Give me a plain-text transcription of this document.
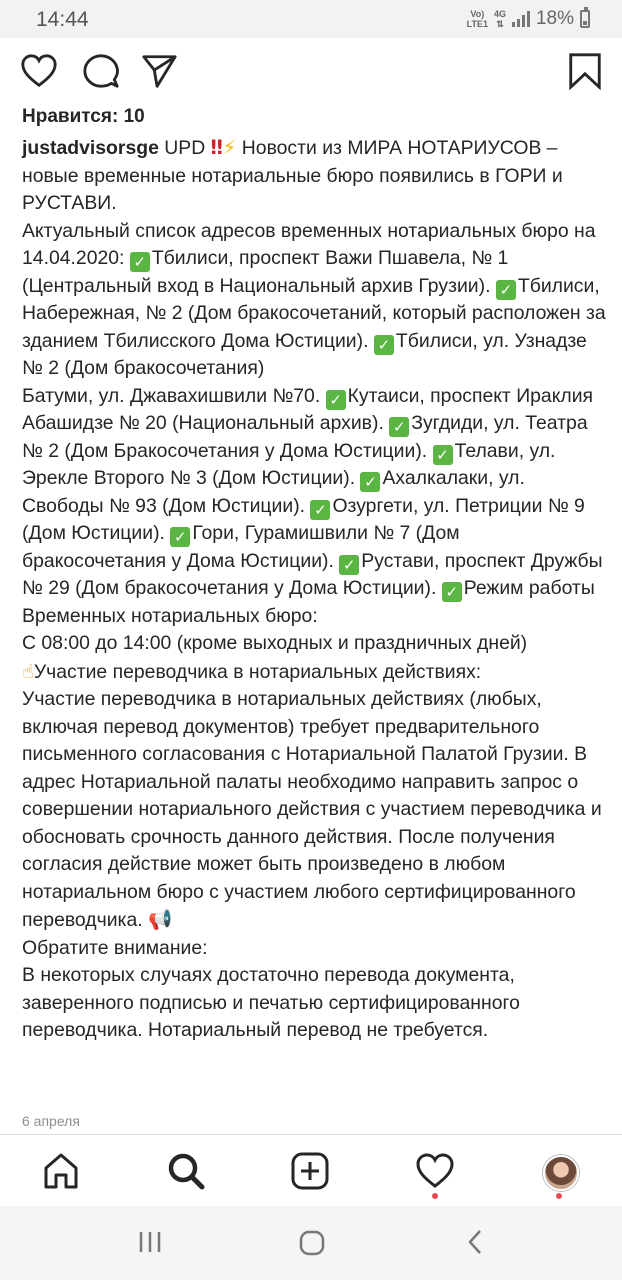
14:44	Vo)
LTE1
4G
⇅ 18%
Нравится: 10

justadvisorsge UPD ‼⚡ Новости из МИРА НОТАРИУСОВ – новые временные нотариальные бюро появились в ГОРИ и РУСТАВИ.

Актуальный список адресов временных нотариальных бюро на 14.04.2020: ✓ Тбилиси, проспект Важи Пшавела, № 1 (Центральный вход в Национальный архив Грузии). ✓ Тбилиси, Набережная, № 2 (Дом бракосочетаний, который расположен за зданием Тбилисского Дома Юстиции). ✓ Тбилиси, ул. Узнадзе № 2 (Дом бракосочетания)

Батуми, ул. Джавахишвили №70. ✓ Кутаиси, проспект Ираклия Абашидзе № 20 (Национальный архив). ✓ Зугдиди, ул. Театра № 2 (Дом Бракосочетания у Дома Юстиции). ✓ Телави, ул. Эрекле Второго № 3 (Дом Юстиции). ✓ Ахалкалаки, ул. Свободы № 93 (Дом Юстиции). ✓ Озургети, ул. Петриции № 9 (Дом Юстиции). ✓ Гори, Гурамишвили № 7 (Дом бракосочетания у Дома Юстиции). ✓ Рустави, проспект Дружбы № 29 (Дом бракосочетания у Дома Юстиции). ✓ Режим работы Временных нотариальных бюро:

С 08:00 до 14:00 (кроме выходных и праздничных дней)

☝Участие переводчика в нотариальных действиях:

Участие переводчика в нотариальных действиях (любых, включая перевод документов) требует предварительного письменного согласования с Нотариальной Палатой Грузии. В адрес Нотариальной палаты необходимо направить запрос о совершении нотариального действия с участием переводчика и обосновать срочность данного действия. После получения согласия действие может быть произведено в любом нотариальном бюро с участием любого сертифицированного переводчика. 📢

Обратите внимание:

В некоторых случаях достаточно перевода документа, заверенного подписью и печатью сертифицированного переводчика. Нотариальный перевод не требуется.

6 апреля
